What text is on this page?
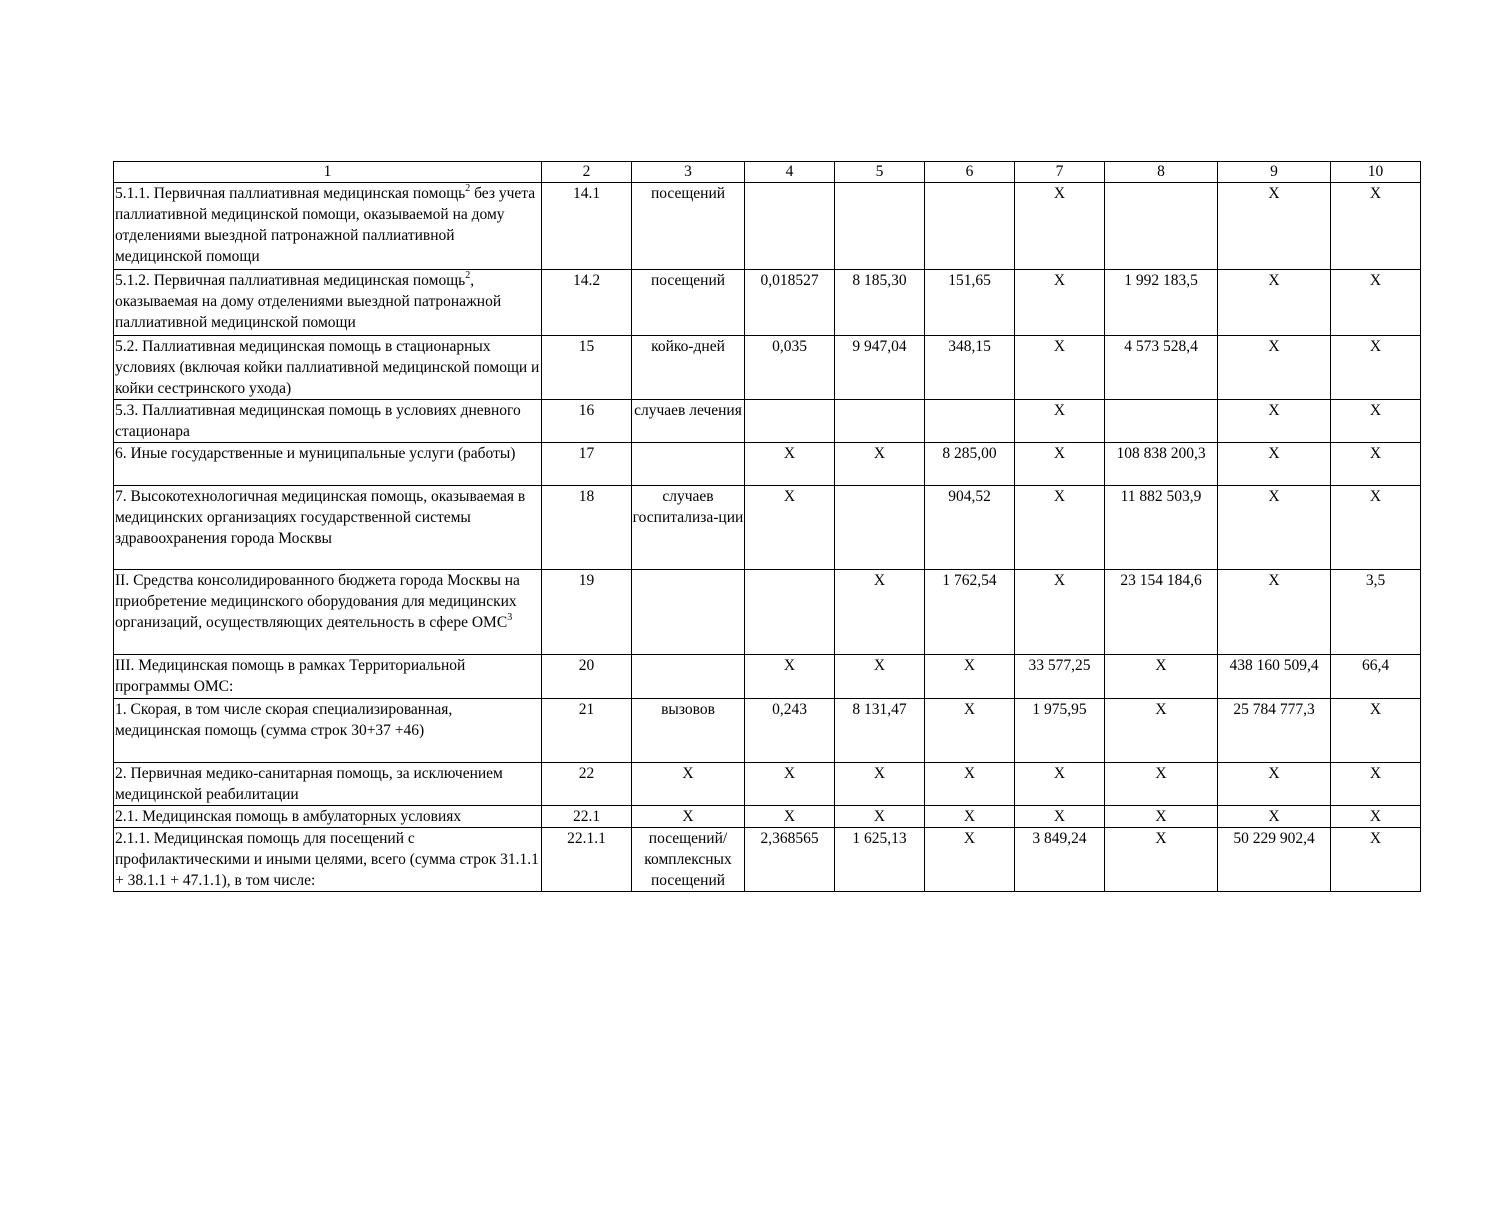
1	2	3	4	5	6	7	8	9	10
5.1.1. Первичная паллиативная медицинская помощь$^2$ без учета паллиативной медицинской помощи, оказываемой на дому отделениями выездной патронажной паллиативной медицинской помощи	14.1	посещений				X		X	X
5.1.2. Первичная паллиативная медицинская помощь$^2$, оказываемая на дому отделениями выездной патронажной паллиативной медицинской помощи	14.2	посещений	0,018527	8 185,30	151,65	X	1 992 183,5	X	X
5.2. Паллиативная медицинская помощь в стационарных условиях (включая койки паллиативной медицинской помощи и койки сестринского ухода)	15	койко-дней	0,035	9 947,04	348,15	X	4 573 528,4	X	X
5.3. Паллиативная медицинская помощь в условиях дневного стационара	16	случаев лечения				X		X	X
6. Иные государственные и муниципальные услуги (работы)	17		X	X	8 285,00	X	108 838 200,3	X	X
7. Высокотехнологичная медицинская помощь, оказываемая в медицинских организациях государственной системы здравоохранения города Москвы	18	случаев госпитализа-ции	X		904,52	X	11 882 503,9	X	X
II. Средства консолидированного бюджета города Москвы на приобретение медицинского оборудования для медицинских организаций, осуществляющих деятельность в сфере ОМС$^3$	19			X	1 762,54	X	23 154 184,6	X	3,5
III. Медицинская помощь в рамках Территориальной программы ОМС:	20		X	X	X	33 577,25	X	438 160 509,4	66,4
1. Скорая, в том числе скорая специализированная, медицинская помощь (сумма строк 30+37 +46)	21	вызовов	0,243	8 131,47	X	1 975,95	X	25 784 777,3	X
2. Первичная медико-санитарная помощь, за исключением медицинской реабилитации	22	X	X	X	X	X	X	X	X
2.1. Медицинская помощь в амбулаторных условиях	22.1	X	X	X	X	X	X	X	X
2.1.1. Медицинская помощь для посещений с профилактическими и иными целями, всего (сумма строк 31.1.1 + 38.1.1 + 47.1.1), в том числе:	22.1.1	посещений/ комплексных посещений	2,368565	1 625,13	X	3 849,24	X	50 229 902,4	X
